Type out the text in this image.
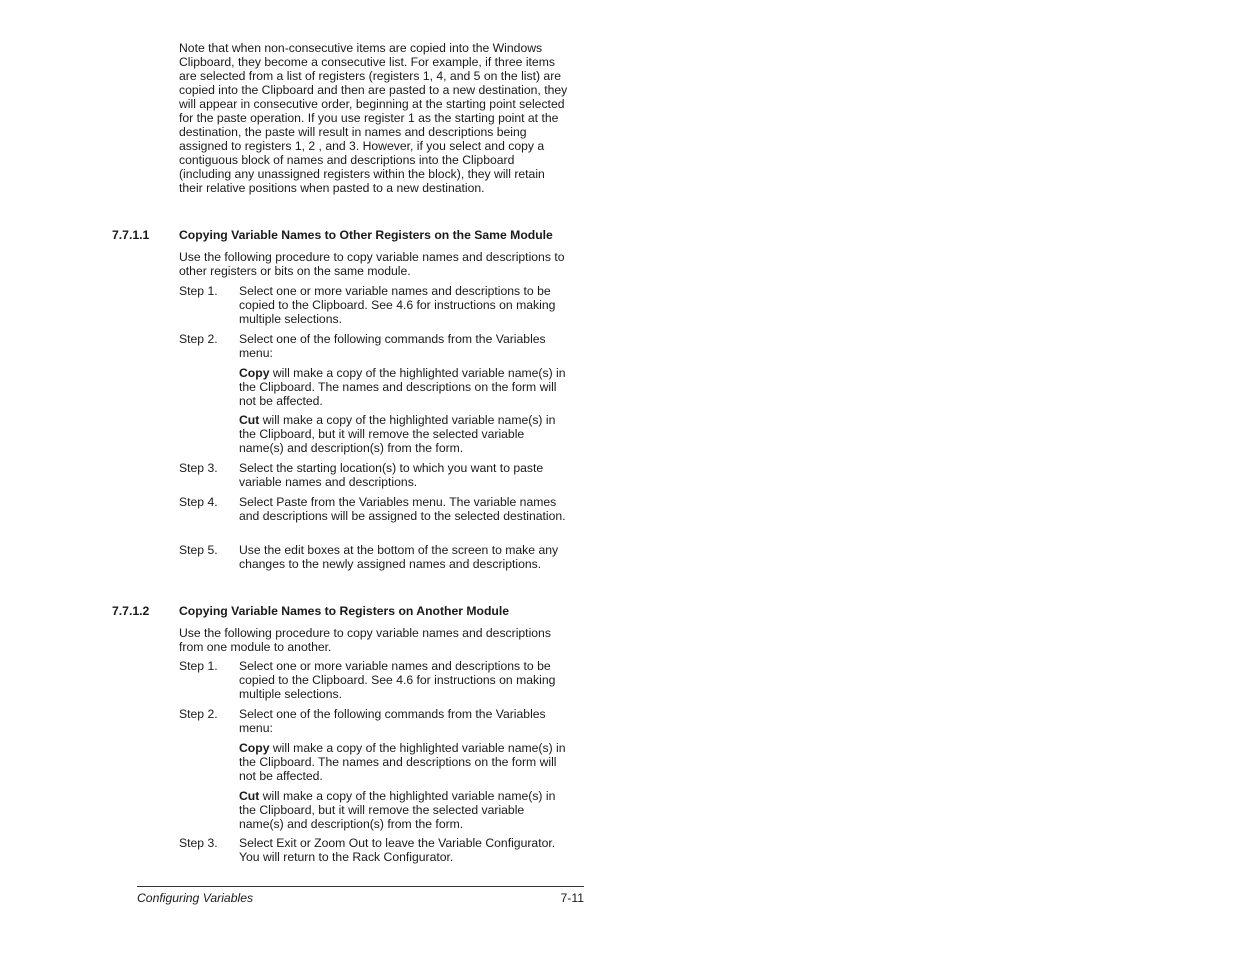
Note that when non-consecutive items are copied into the Windows Clipboard, they become a consecutive list. For example, if three items are selected from a list of registers (registers 1, 4, and 5 on the list) are copied into the Clipboard and then are pasted to a new destination, they will appear in consecutive order, beginning at the starting point selected for the paste operation. If you use register 1 as the starting point at the destination, the paste will result in names and descriptions being assigned to registers 1, 2 , and 3. However, if you select and copy a contiguous block of names and descriptions into the Clipboard (including any unassigned registers within the block), they will retain their relative positions when pasted to a new destination.
7.7.1.1 Copying Variable Names to Other Registers on the Same Module
Use the following procedure to copy variable names and descriptions to other registers or bits on the same module.
Step 1. Select one or more variable names and descriptions to be copied to the Clipboard. See 4.6 for instructions on making multiple selections.
Step 2. Select one of the following commands from the Variables menu:
Copy will make a copy of the highlighted variable name(s) in the Clipboard. The names and descriptions on the form will not be affected.
Cut will make a copy of the highlighted variable name(s) in the Clipboard, but it will remove the selected variable name(s) and description(s) from the form.
Step 3. Select the starting location(s) to which you want to paste variable names and descriptions.
Step 4. Select Paste from the Variables menu. The variable names and descriptions will be assigned to the selected destination.
Step 5. Use the edit boxes at the bottom of the screen to make any changes to the newly assigned names and descriptions.
7.7.1.2 Copying Variable Names to Registers on Another Module
Use the following procedure to copy variable names and descriptions from one module to another.
Step 1. Select one or more variable names and descriptions to be copied to the Clipboard. See 4.6 for instructions on making multiple selections.
Step 2. Select one of the following commands from the Variables menu:
Copy will make a copy of the highlighted variable name(s) in the Clipboard. The names and descriptions on the form will not be affected.
Cut will make a copy of the highlighted variable name(s) in the Clipboard, but it will remove the selected variable name(s) and description(s) from the form.
Step 3. Select Exit or Zoom Out to leave the Variable Configurator. You will return to the Rack Configurator.
Configuring Variables	7-11
